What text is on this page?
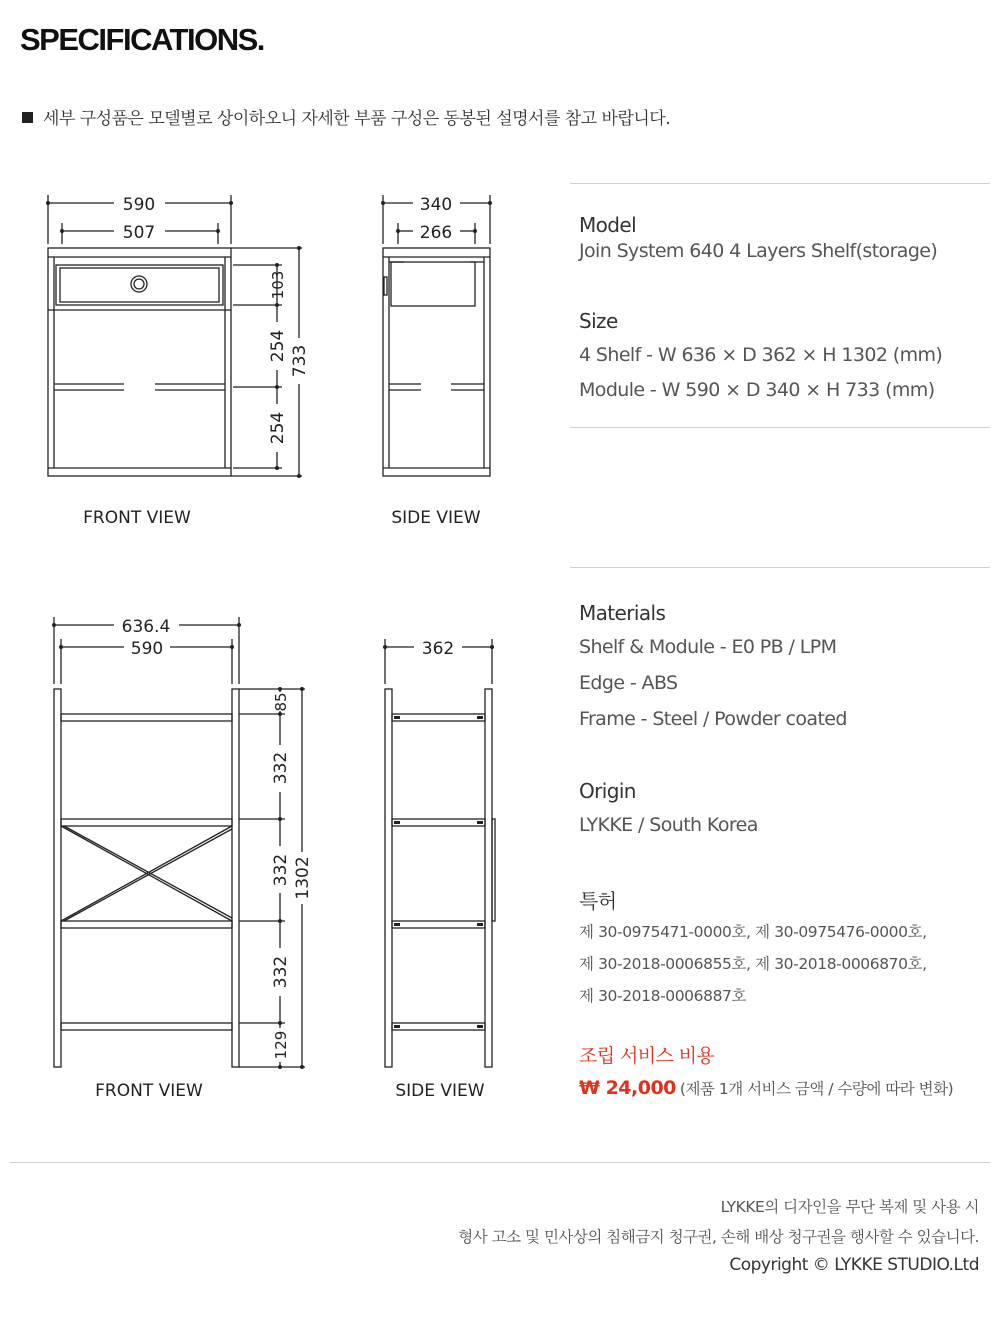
SPECIFICATIONS.
세부 구성품은 모델별로 상이하오니 자세한 부품 구성은 동봉된 설명서를 참고 바랍니다.
590
507
103
254
254
733
FRONT VIEW
340
266
SIDE VIEW
636.4
590
85
332
332
332
129
1302
FRONT VIEW
362
SIDE VIEW
Model
Join System 640 4 Layers Shelf(storage)
Size
4 Shelf - W 636 × D 362 × H 1302 (mm)
Module - W 590 × D 340 × H 733 (mm)
Materials
Shelf & Module - E0 PB / LPM
Edge - ABS
Frame - Steel / Powder coated
Origin
LYKKE / South Korea
특허
제 30-0975471-0000호, 제 30-0975476-0000호,
제 30-2018-0006855호, 제 30-2018-0006870호,
제 30-2018-0006887호
조립 서비스 비용
₩ 24,000 (제품 1개 서비스 금액 / 수량에 따라 변화)
LYKKE의 디자인을 무단 복제 및 사용 시
형사 고소 및 민사상의 침해금지 청구권, 손해 배상 청구권을 행사할 수 있습니다.
Copyright © LYKKE STUDIO.Ltd
